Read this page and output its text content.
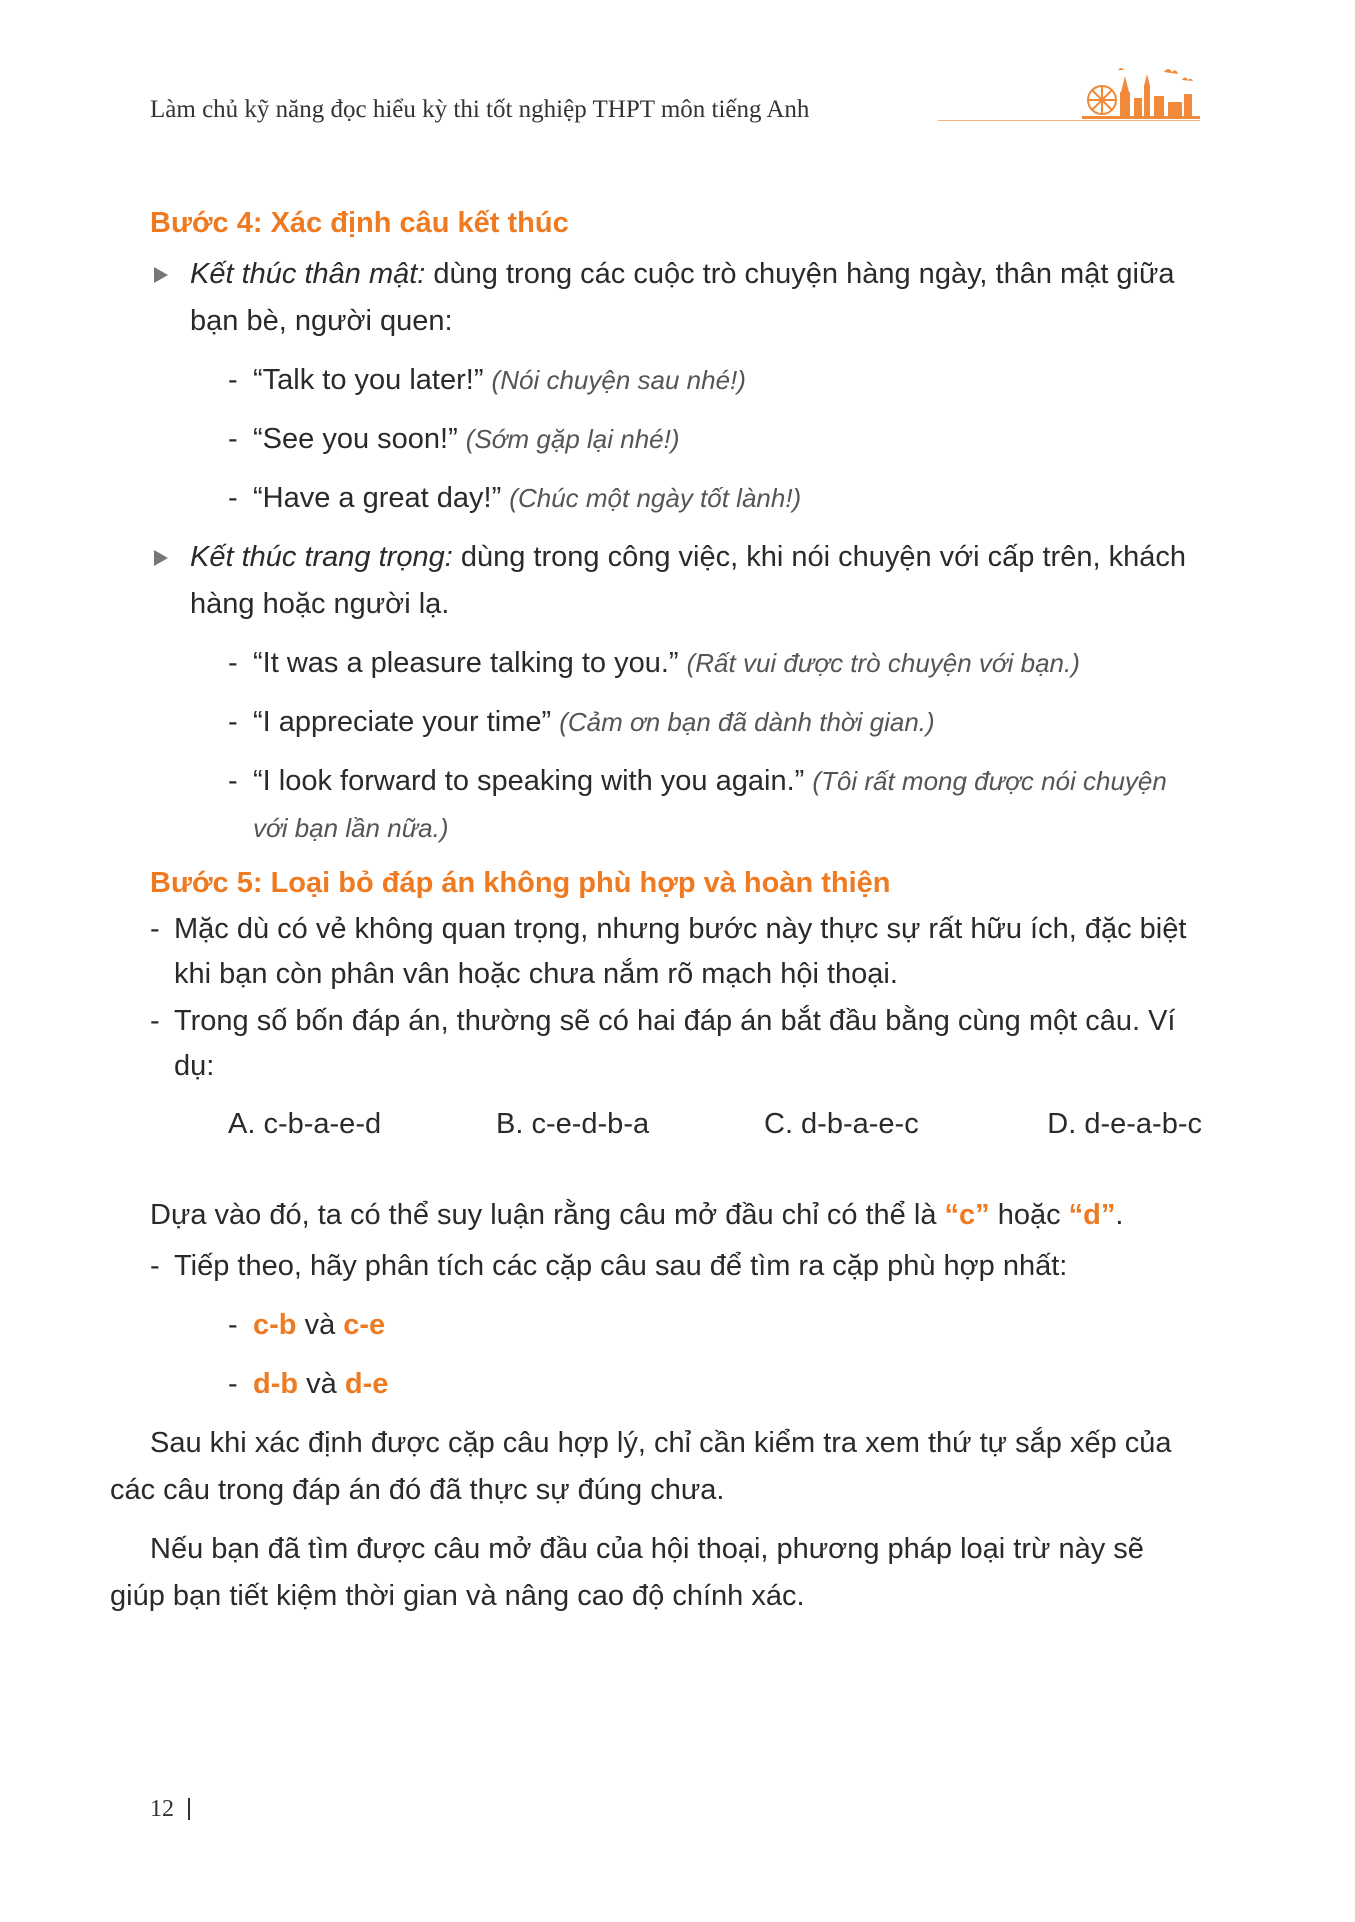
Làm chủ kỹ năng đọc hiểu kỳ thi tốt nghiệp THPT môn tiếng Anh
Bước 4: Xác định câu kết thúc
Kết thúc thân mật: dùng trong các cuộc trò chuyện hàng ngày, thân mật giữa bạn bè, người quen:
- “Talk to you later!” (Nói chuyện sau nhé!)
- “See you soon!” (Sớm gặp lại nhé!)
- “Have a great day!” (Chúc một ngày tốt lành!)
Kết thúc trang trọng: dùng trong công việc, khi nói chuyện với cấp trên, khách hàng hoặc người lạ.
- “It was a pleasure talking to you.” (Rất vui được trò chuyện với bạn.)
- “I appreciate your time” (Cảm ơn bạn đã dành thời gian.)
- “I look forward to speaking with you again.” (Tôi rất mong được nói chuyện với bạn lần nữa.)
Bước 5: Loại bỏ đáp án không phù hợp và hoàn thiện
- Mặc dù có vẻ không quan trọng, nhưng bước này thực sự rất hữu ích, đặc biệt khi bạn còn phân vân hoặc chưa nắm rõ mạch hội thoại.
- Trong số bốn đáp án, thường sẽ có hai đáp án bắt đầu bằng cùng một câu. Ví dụ:
A. c-b-a-e-d	B. c-e-d-b-a	C. d-b-a-e-c	D. d-e-a-b-c
Dựa vào đó, ta có thể suy luận rằng câu mở đầu chỉ có thể là “c” hoặc “d”.
- Tiếp theo, hãy phân tích các cặp câu sau để tìm ra cặp phù hợp nhất:
- c-b và c-e
- d-b và d-e
Sau khi xác định được cặp câu hợp lý, chỉ cần kiểm tra xem thứ tự sắp xếp của các câu trong đáp án đó đã thực sự đúng chưa.
Nếu bạn đã tìm được câu mở đầu của hội thoại, phương pháp loại trừ này sẽ giúp bạn tiết kiệm thời gian và nâng cao độ chính xác.
12
